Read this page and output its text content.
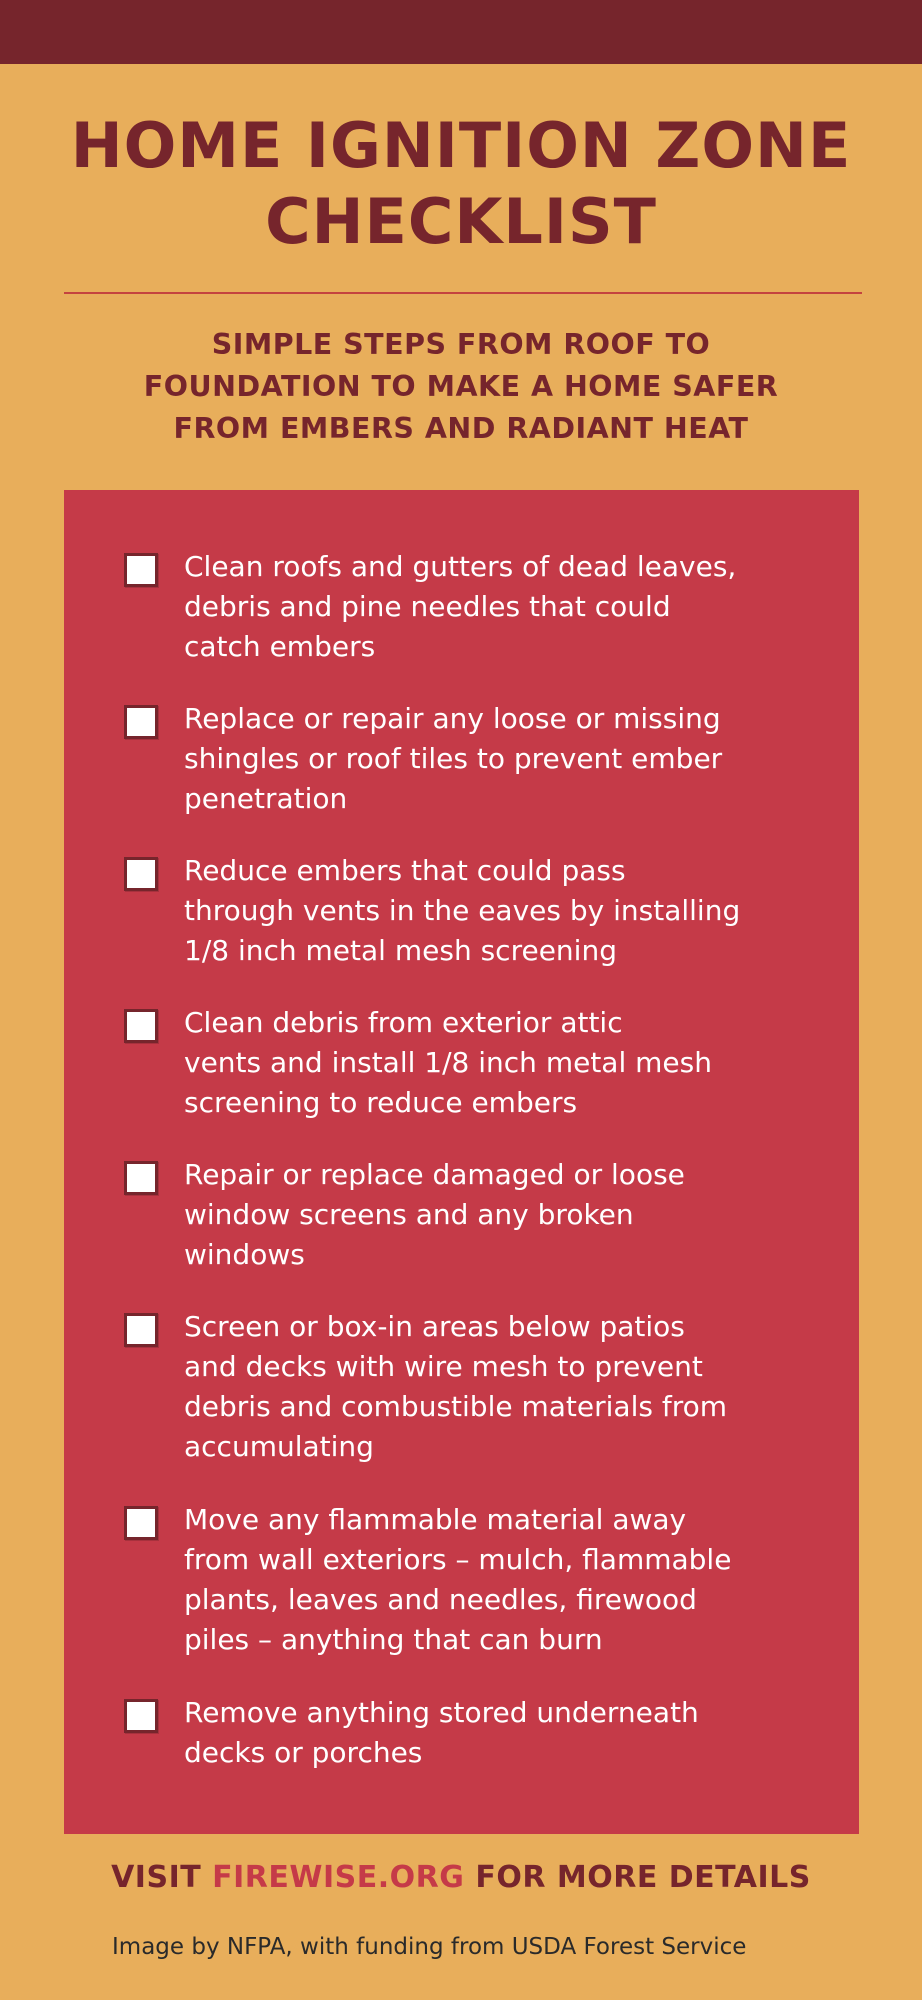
HOME IGNITION ZONE
CHECKLIST
SIMPLE STEPS FROM ROOF TO
FOUNDATION TO MAKE A HOME SAFER
FROM EMBERS AND RADIANT HEAT
Clean roofs and gutters of dead leaves,
debris and pine needles that could
catch embers
Replace or repair any loose or missing
shingles or roof tiles to prevent ember
penetration
Reduce embers that could pass
through vents in the eaves by installing
1/8 inch metal mesh screening
Clean debris from exterior attic
vents and install 1/8 inch metal mesh
screening to reduce embers
Repair or replace damaged or loose
window screens and any broken
windows
Screen or box-in areas below patios
and decks with wire mesh to prevent
debris and combustible materials from
accumulating
Move any flammable material away
from wall exteriors – mulch, flammable
plants, leaves and needles, firewood
piles – anything that can burn
Remove anything stored underneath
decks or porches
VISIT FIREWISE.ORG FOR MORE DETAILS
Image by NFPA, with funding from USDA Forest Service
